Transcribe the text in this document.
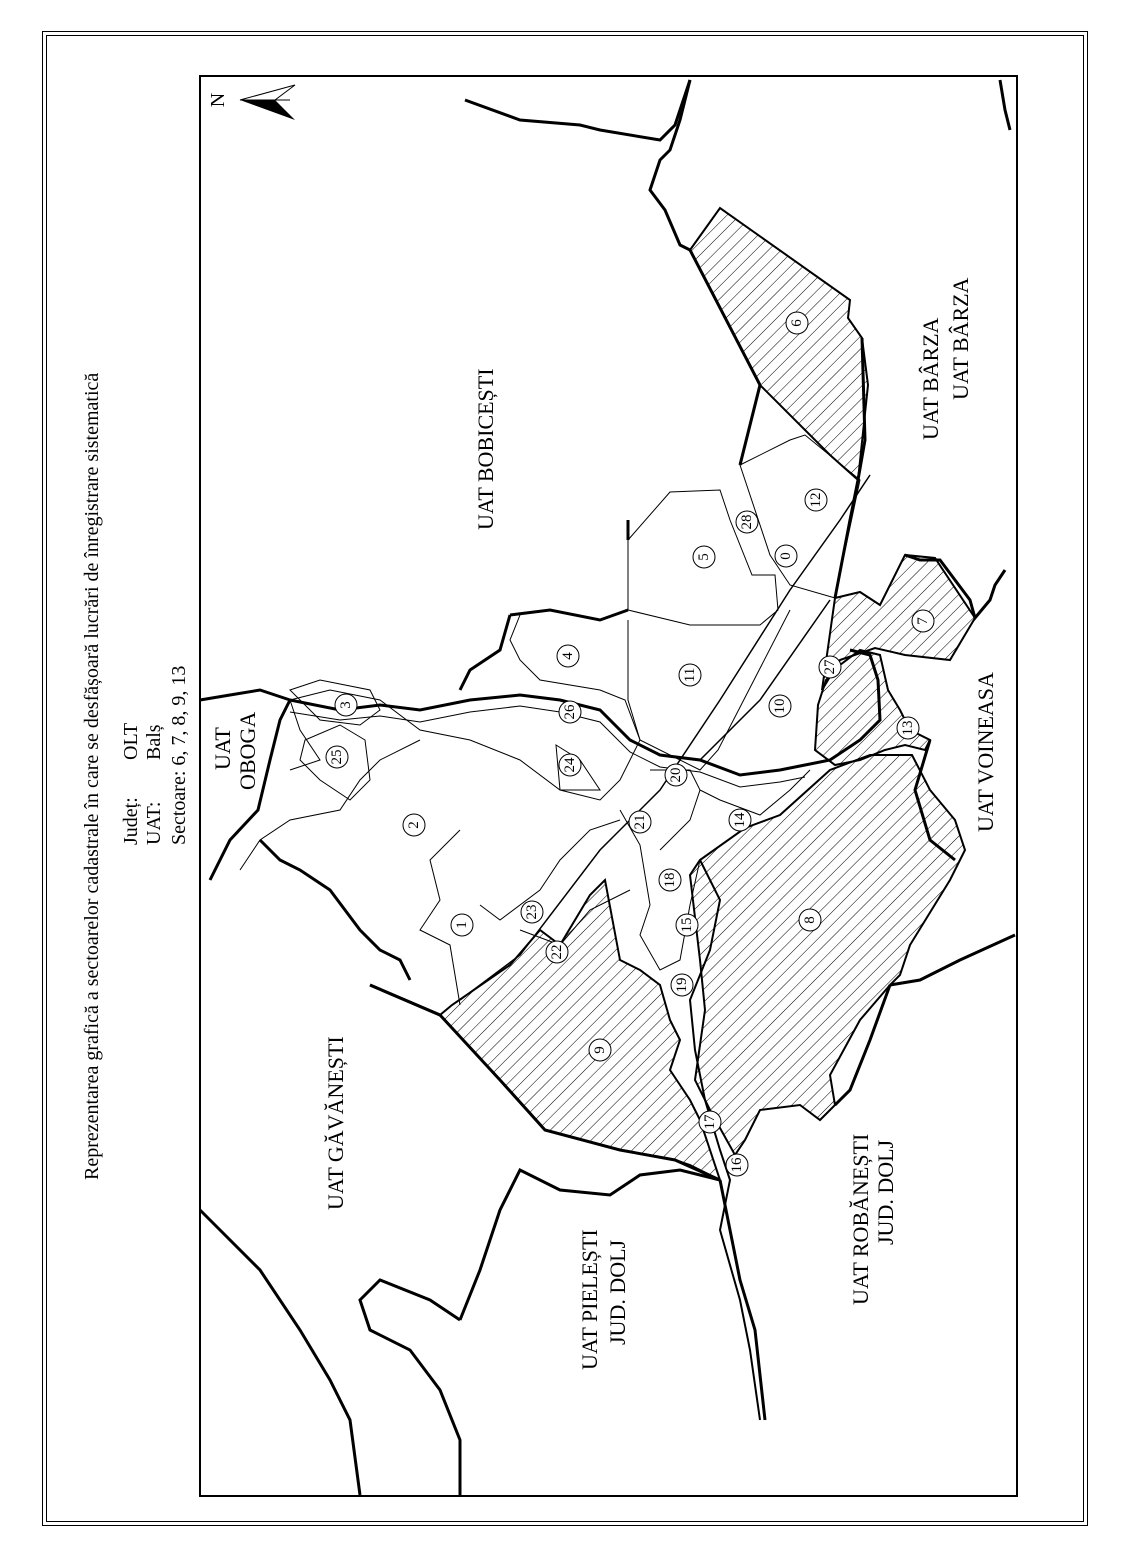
N
Reprezentarea grafică a sectoarelor cadastrale în care se desfășoară lucrări de înregistrare sistematică Județ:
OLT
UAT:
Balș Sectoare: 6, 7, 8, 9, 13
UAT BOBICEȘTI	UAT BÂRZA UAT BÂRZA
UAT VOINEASA
UAT ROBĂNEȘTI JUD. DOLJ
UAT PIELEȘTI JUD. DOLJ
UAT GĂVĂNEȘTI
UAT OBOGA
0
1
2
3
4
5
6
7
8
9
10
11
12
13
14
15
16
17
18
19
20
21
22
23
24
25
26
27
28
